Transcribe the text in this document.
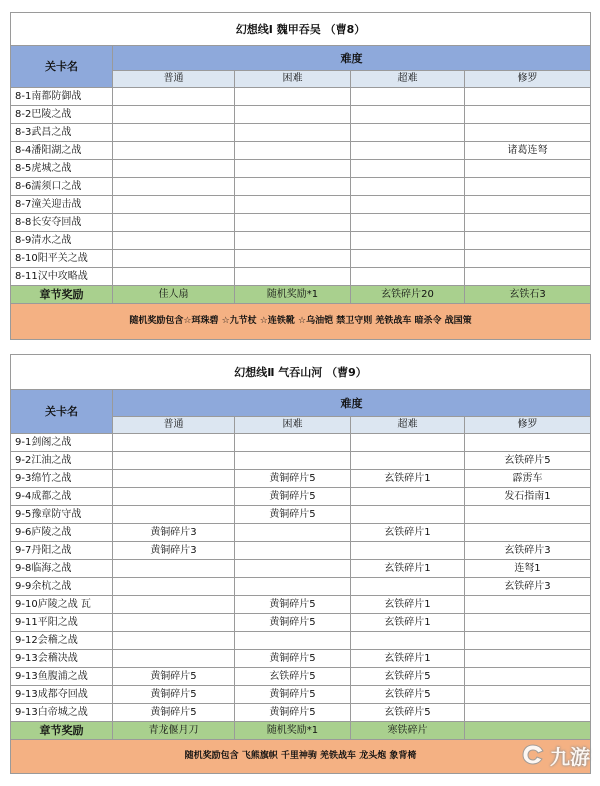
幻想线Ⅰ 魏甲吞吴 （曹8）				
关卡名	难度			
	普通	困难	超难	修罗
8-1南都防御战				
8-2巴陵之战				
8-3武昌之战				
8-4潘阳湖之战				诸葛连弩
8-5虎城之战				
8-6濡须口之战				
8-7潼关迎击战				
8-8长安夺回战				
8-9清水之战				
8-10阳平关之战				
8-11汉中攻略战				
章节奖励	佳人扇	随机奖励*1	玄铁碎片20	玄铁石3
随机奖励包含☆珥珠碧 ☆九节杖 ☆连铁靴 ☆乌油铠 禁卫守则 羌铁战车 暗杀令 战国策				
幻想线Ⅱ 气吞山河 （曹9）				
关卡名	难度			
	普通	困难	超难	修罗
9-1剑阁之战				
9-2江油之战				玄铁碎片5
9-3绵竹之战		黄铜碎片5	玄铁碎片1	霹雳车
9-4成都之战		黄铜碎片5		发石指南1
9-5豫章防守战		黄铜碎片5		
9-6庐陵之战	黄铜碎片3		玄铁碎片1	
9-7丹阳之战	黄铜碎片3			玄铁碎片3
9-8临海之战			玄铁碎片1	连弩1
9-9余杭之战				玄铁碎片3
9-10庐陵之战 瓦		黄铜碎片5	玄铁碎片1	
9-11平阳之战		黄铜碎片5	玄铁碎片1	
9-12会稽之战				
9-13会稽决战		黄铜碎片5	玄铁碎片1	
9-13鱼腹浦之战	黄铜碎片5	玄铁碎片5	玄铁碎片5	
9-13成都夺回战	黄铜碎片5	黄铜碎片5	玄铁碎片5	
9-13白帝城之战	黄铜碎片5	黄铜碎片5	玄铁碎片5	
章节奖励	青龙偃月刀	随机奖励*1	寒铁碎片	
随机奖励包含 飞熊旗帜 千里神驹 羌铁战车 龙头炮 象背椅					九游
